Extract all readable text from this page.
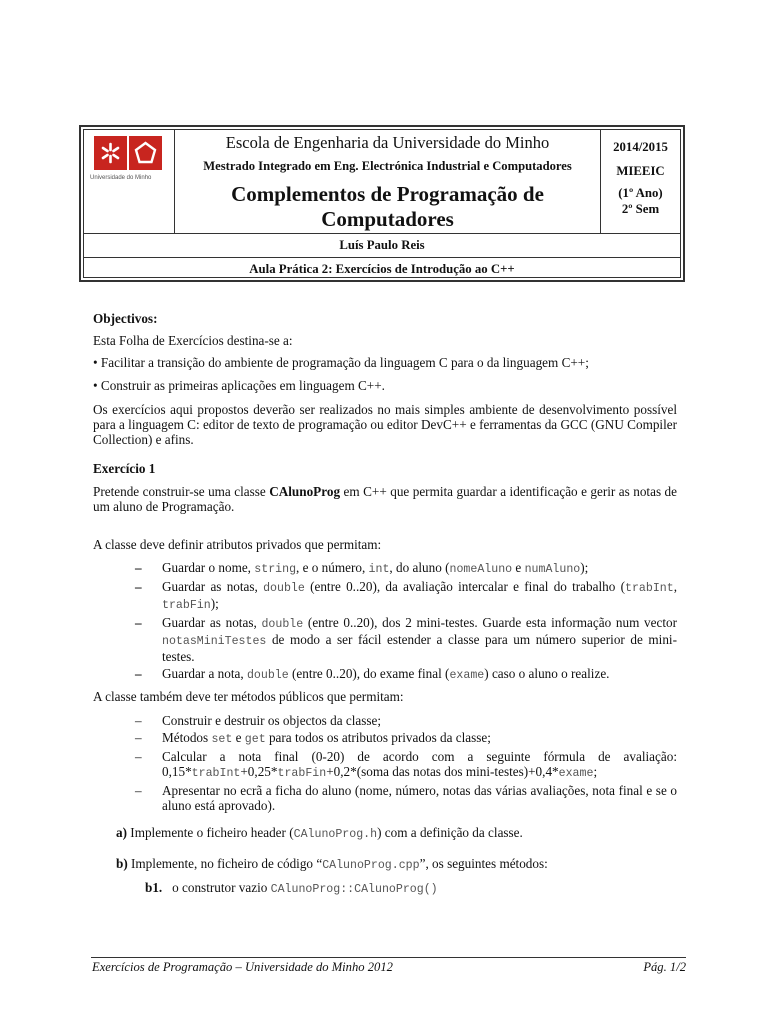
Universidade do Minho
Escola de Engenharia da Universidade do Minho
Mestrado Integrado em Eng. Electrónica Industrial e Computadores
Complementos de Programação de
Computadores
2014/2015
MIEEIC
(1º Ano)
2º Sem
Luís Paulo Reis
Aula Prática 2: Exercícios de Introdução ao C++
Objectivos:
Esta Folha de Exercícios destina-se a:
• Facilitar a transição do ambiente de programação da linguagem C para o da linguagem C++;
• Construir as primeiras aplicações em linguagem C++.
Os exercícios aqui propostos deverão ser realizados no mais simples ambiente de desenvolvimento possível para a linguagem C: editor de texto de programação ou editor DevC++ e ferramentas da GCC (GNU Compiler Collection) e afins.
Exercício 1
Pretende construir-se uma classe CAlunoProg em C++ que permita guardar a identificação e gerir as notas de um aluno de Programação.
A classe deve definir atributos privados que permitam:
– Guardar o nome, string, e o número, int, do aluno (nomeAluno e numAluno);
– Guardar as notas, double (entre 0..20), da avaliação intercalar e final do trabalho (trabInt, trabFin);
– Guardar as notas, double (entre 0..20), dos 2 mini-testes. Guarde esta informação num vector notasMiniTestes de modo a ser fácil estender a classe para um número superior de mini-testes.
– Guardar a nota, double (entre 0..20), do exame final (exame) caso o aluno o realize.
A classe também deve ter métodos públicos que permitam:
– Construir e destruir os objectos da classe;
– Métodos set e get para todos os atributos privados da classe;
– Calcular a nota final (0-20) de acordo com a seguinte fórmula de avaliação: 0,15*trabInt+0,25*trabFin+0,2*(soma das notas dos mini-testes)+0,4*exame;
– Apresentar no ecrã a ficha do aluno (nome, número, notas das várias avaliações, nota final e se o aluno está aprovado).
a) Implemente o ficheiro header (CAlunoProg.h) com a definição da classe.
b) Implemente, no ficheiro de código “CAlunoProg.cpp”, os seguintes métodos:
b1. o construtor vazio CAlunoProg::CAlunoProg()
Exercícios de Programação – Universidade do Minho 2012	Pág. 1/2
